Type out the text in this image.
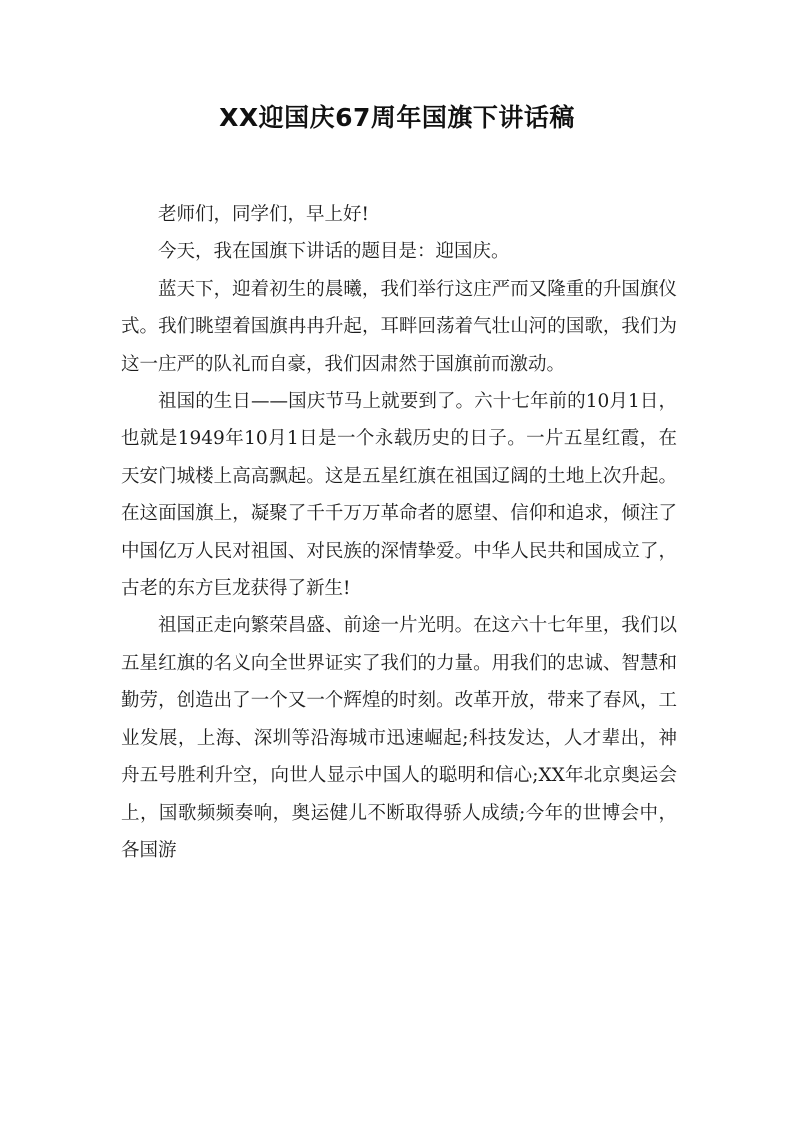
XX迎国庆67周年国旗下讲话稿

老师们，同学们，早上好!

今天，我在国旗下讲话的题目是：迎国庆。

蓝天下，迎着初生的晨曦，我们举行这庄严而又隆重的升国旗仪式。我们眺望着国旗冉冉升起，耳畔回荡着气壮山河的国歌，我们为这一庄严的队礼而自豪，我们因肃然于国旗前而激动。

祖国的生日——国庆节马上就要到了。六十七年前的10月1日，也就是1949年10月1日是一个永载历史的日子。一片五星红霞，在天安门城楼上高高飘起。这是五星红旗在祖国辽阔的土地上次升起。在这面国旗上，凝聚了千千万万革命者的愿望、信仰和追求，倾注了中国亿万人民对祖国、对民族的深情挚爱。中华人民共和国成立了，古老的东方巨龙获得了新生!

祖国正走向繁荣昌盛、前途一片光明。在这六十七年里，我们以五星红旗的名义向全世界证实了我们的力量。用我们的忠诚、智慧和勤劳，创造出了一个又一个辉煌的时刻。改革开放，带来了春风，工业发展，上海、深圳等沿海城市迅速崛起;科技发达，人才辈出，神舟五号胜利升空，向世人显示中国人的聪明和信心;XX年北京奥运会上，国歌频频奏响，奥运健儿不断取得骄人成绩;今年的世博会中，各国游
